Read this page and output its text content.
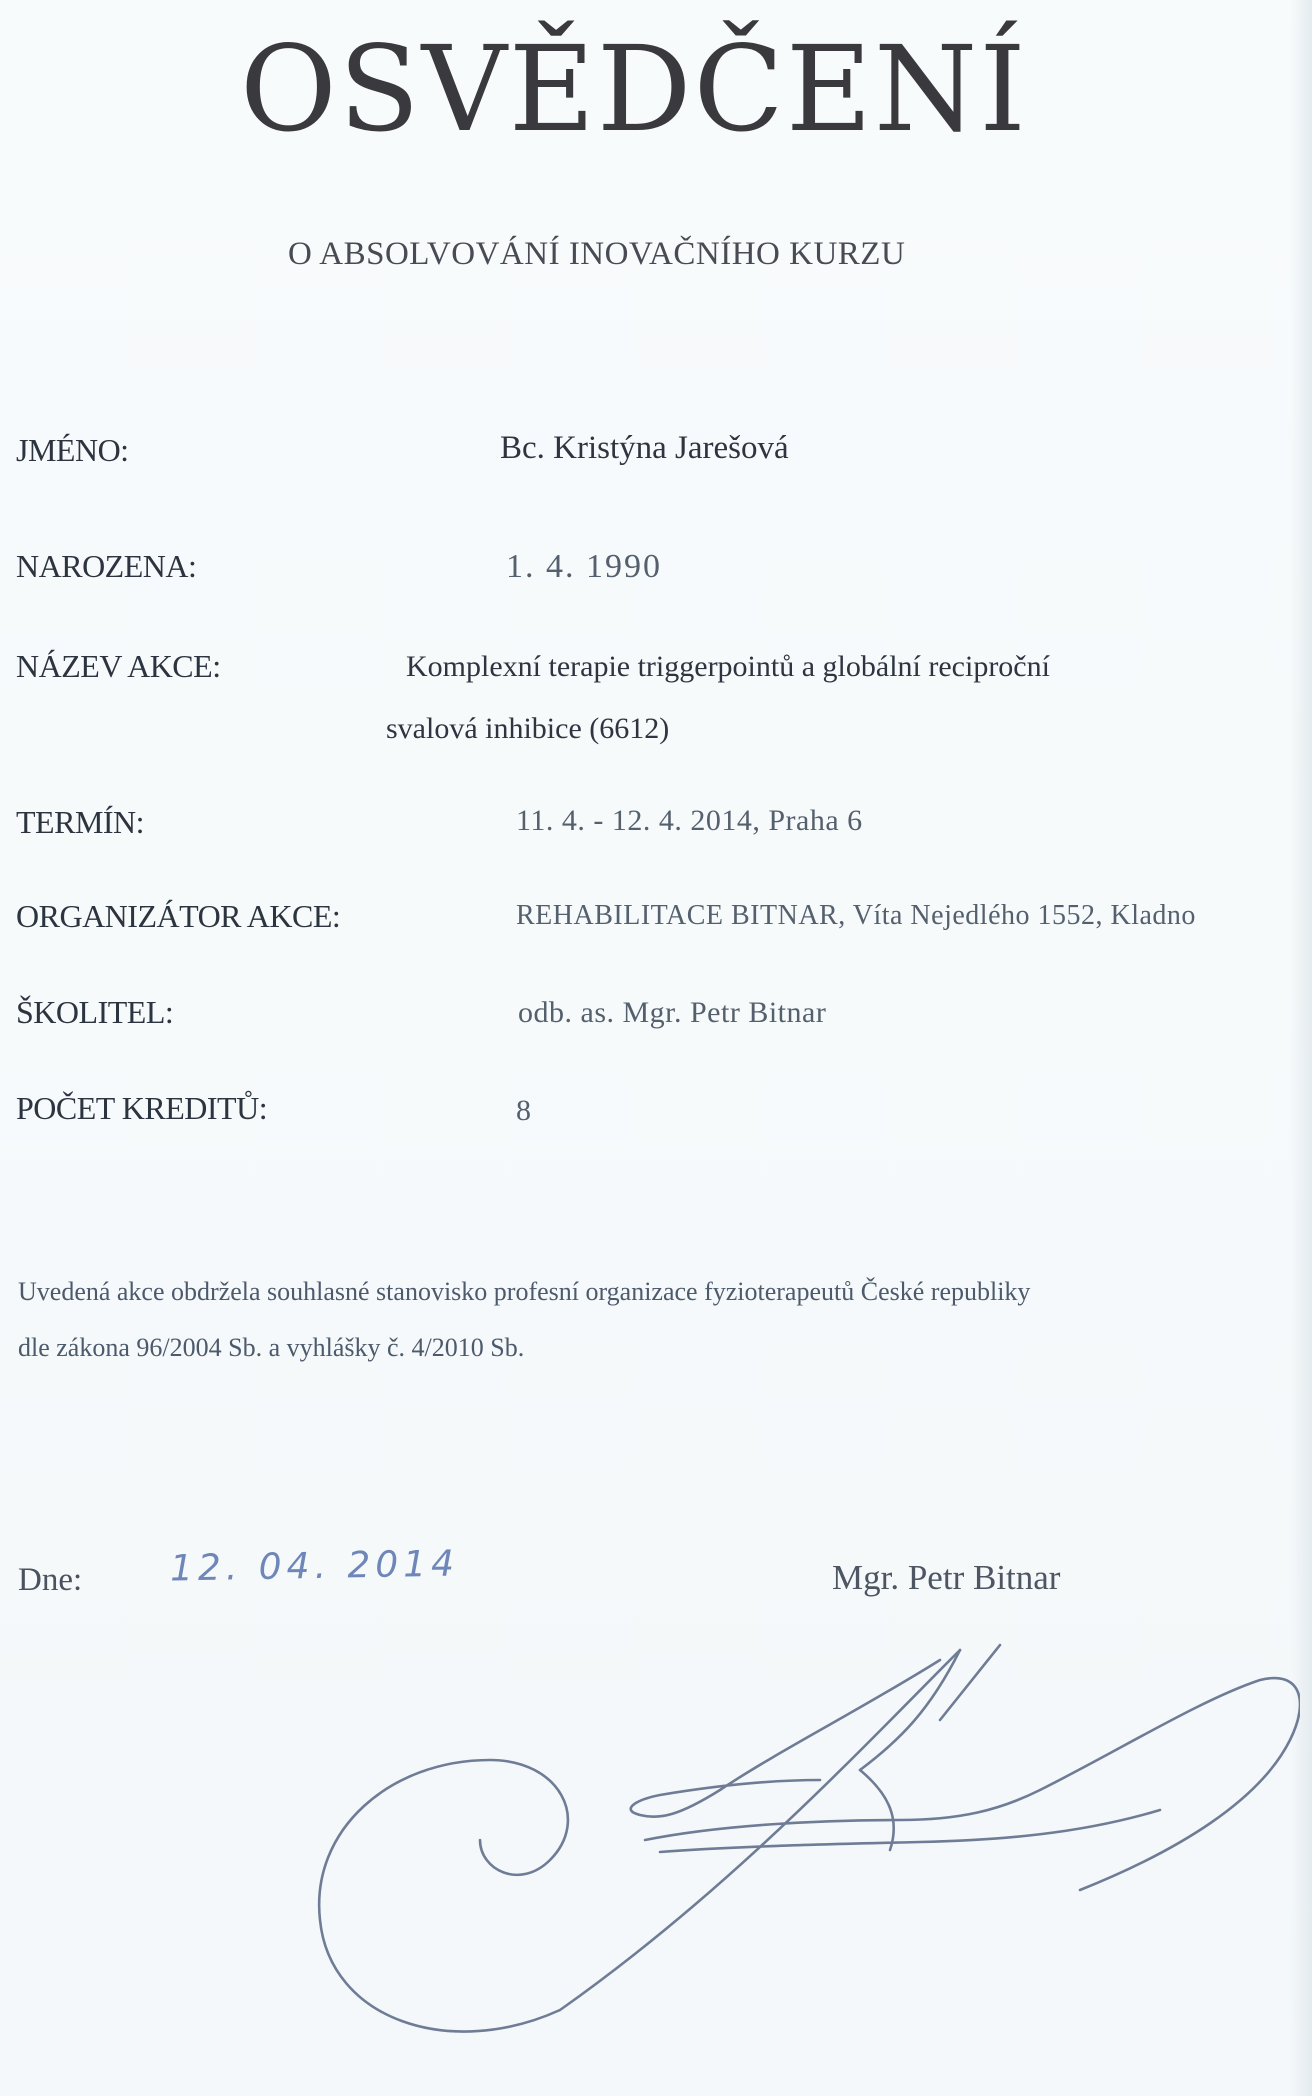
OSVĚDČENÍ
O ABSOLVOVÁNÍ INOVAČNÍHO KURZU
JMÉNO:	Bc. Kristýna Jarešová
NAROZENA:	1. 4. 1990
NÁZEV AKCE:	Komplexní terapie triggerpointů a globální reciproční
svalová inhibice (6612)
TERMÍN:	11. 4. - 12. 4. 2014, Praha 6
ORGANIZÁTOR AKCE:	REHABILITACE BITNAR, Víta Nejedlého 1552, Kladno
ŠKOLITEL:	odb. as. Mgr. Petr Bitnar
POČET KREDITŮ:	8
Uvedená akce obdržela souhlasné stanovisko profesní organizace fyzioterapeutů České republiky
dle zákona 96/2004 Sb. a vyhlášky č. 4/2010 Sb.
Dne: 12. 04. 2014	Mgr. Petr Bitnar
